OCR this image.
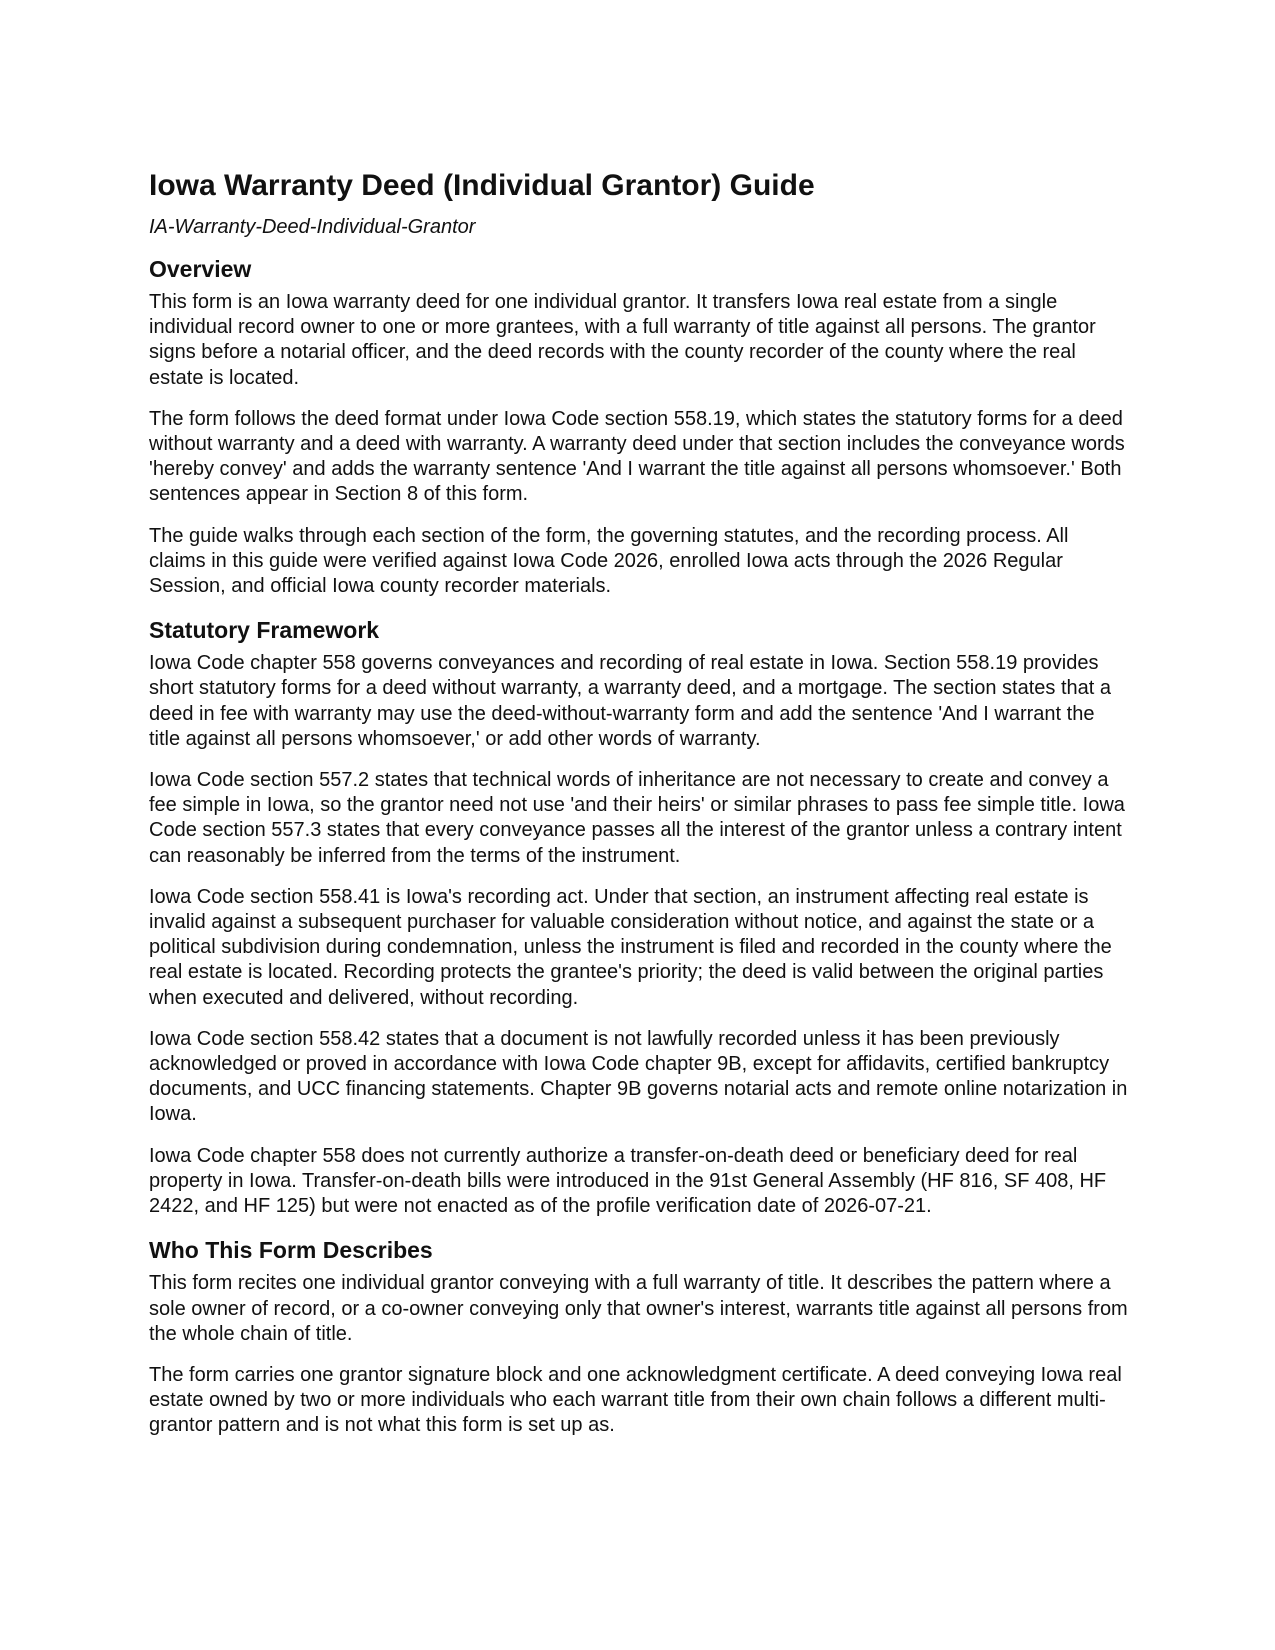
Iowa Warranty Deed (Individual Grantor) Guide
IA-Warranty-Deed-Individual-Grantor
Overview

This form is an Iowa warranty deed for one individual grantor. It transfers Iowa real estate from a single individual record owner to one or more grantees, with a full warranty of title against all persons. The grantor signs before a notarial officer, and the deed records with the county recorder of the county where the real estate is located.

The form follows the deed format under Iowa Code section 558.19, which states the statutory forms for a deed without warranty and a deed with warranty. A warranty deed under that section includes the conveyance words 'hereby convey' and adds the warranty sentence 'And I warrant the title against all persons whomsoever.' Both sentences appear in Section 8 of this form.

The guide walks through each section of the form, the governing statutes, and the recording process. All claims in this guide were verified against Iowa Code 2026, enrolled Iowa acts through the 2026 Regular Session, and official Iowa county recorder materials.

Statutory Framework

Iowa Code chapter 558 governs conveyances and recording of real estate in Iowa. Section 558.19 provides short statutory forms for a deed without warranty, a warranty deed, and a mortgage. The section states that a deed in fee with warranty may use the deed-without-warranty form and add the sentence 'And I warrant the title against all persons whomsoever,' or add other words of warranty.

Iowa Code section 557.2 states that technical words of inheritance are not necessary to create and convey a fee simple in Iowa, so the grantor need not use 'and their heirs' or similar phrases to pass fee simple title. Iowa Code section 557.3 states that every conveyance passes all the interest of the grantor unless a contrary intent can reasonably be inferred from the terms of the instrument.

Iowa Code section 558.41 is Iowa's recording act. Under that section, an instrument affecting real estate is invalid against a subsequent purchaser for valuable consideration without notice, and against the state or a political subdivision during condemnation, unless the instrument is filed and recorded in the county where the real estate is located. Recording protects the grantee's priority; the deed is valid between the original parties when executed and delivered, without recording.

Iowa Code section 558.42 states that a document is not lawfully recorded unless it has been previously acknowledged or proved in accordance with Iowa Code chapter 9B, except for affidavits, certified bankruptcy documents, and UCC financing statements. Chapter 9B governs notarial acts and remote online notarization in Iowa.

Iowa Code chapter 558 does not currently authorize a transfer-on-death deed or beneficiary deed for real property in Iowa. Transfer-on-death bills were introduced in the 91st General Assembly (HF 816, SF 408, HF 2422, and HF 125) but were not enacted as of the profile verification date of 2026-07-21.

Who This Form Describes

This form recites one individual grantor conveying with a full warranty of title. It describes the pattern where a sole owner of record, or a co-owner conveying only that owner's interest, warrants title against all persons from the whole chain of title.

The form carries one grantor signature block and one acknowledgment certificate. A deed conveying Iowa real estate owned by two or more individuals who each warrant title from their own chain follows a different multi-grantor pattern and is not what this form is set up as.
